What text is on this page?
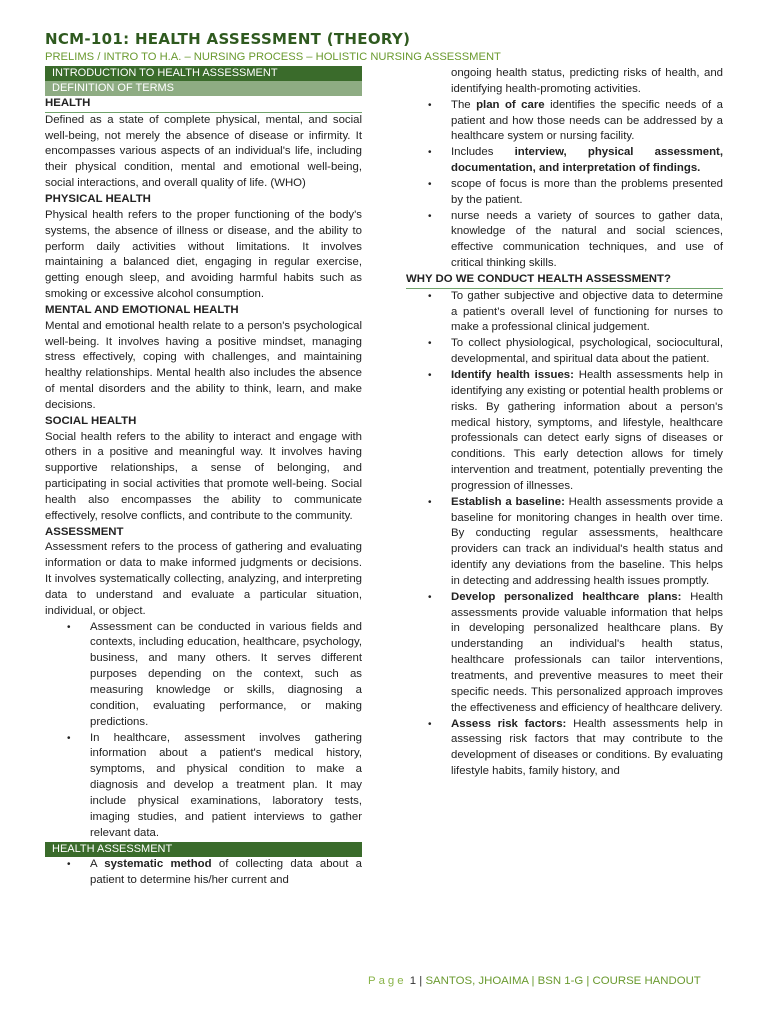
NCM-101: HEALTH ASSESSMENT (THEORY)
PRELIMS / INTRO TO H.A. – NURSING PROCESS – HOLISTIC NURSING ASSESSMENT
INTRODUCTION TO HEALTH ASSESSMENT
DEFINITION OF TERMS
HEALTH

Defined as a state of complete physical, mental, and social well-being, not merely the absence of disease or infirmity. It encompasses various aspects of an individual's life, including their physical condition, mental and emotional well-being, social interactions, and overall quality of life. (WHO)

PHYSICAL HEALTH

Physical health refers to the proper functioning of the body's systems, the absence of illness or disease, and the ability to perform daily activities without limitations. It involves maintaining a balanced diet, engaging in regular exercise, getting enough sleep, and avoiding harmful habits such as smoking or excessive alcohol consumption.

MENTAL AND EMOTIONAL HEALTH

Mental and emotional health relate to a person's psychological well-being. It involves having a positive mindset, managing stress effectively, coping with challenges, and maintaining healthy relationships. Mental health also includes the absence of mental disorders and the ability to think, learn, and make decisions.

SOCIAL HEALTH

Social health refers to the ability to interact and engage with others in a positive and meaningful way. It involves having supportive relationships, a sense of belonging, and participating in social activities that promote well-being. Social health also encompasses the ability to communicate effectively, resolve conflicts, and contribute to the community.

ASSESSMENT

Assessment refers to the process of gathering and evaluating information or data to make informed judgments or decisions. It involves systematically collecting, analyzing, and interpreting data to understand and evaluate a particular situation, individual, or object.

• Assessment can be conducted in various fields and contexts, including education, healthcare, psychology, business, and many others. It serves different purposes depending on the context, such as measuring knowledge or skills, diagnosing a condition, evaluating performance, or making predictions.
• In healthcare, assessment involves gathering information about a patient's medical history, symptoms, and physical condition to make a diagnosis and develop a treatment plan. It may include physical examinations, laboratory tests, imaging studies, and patient interviews to gather relevant data.
HEALTH ASSESSMENT
• A systematic method of collecting data about a patient to determine his/her current and
ongoing health status, predicting risks of health, and identifying health-promoting activities.
• The plan of care identifies the specific needs of a patient and how those needs can be addressed by a healthcare system or nursing facility.
• Includes interview, physical assessment, documentation, and interpretation of findings.
• scope of focus is more than the problems presented by the patient.
• nurse needs a variety of sources to gather data, knowledge of the natural and social sciences, effective communication techniques, and use of critical thinking skills.
WHY DO WE CONDUCT HEALTH ASSESSMENT?
• To gather subjective and objective data to determine a patient’s overall level of functioning for nurses to make a professional clinical judgement.
• To collect physiological, psychological, sociocultural, developmental, and spiritual data about the patient.
• Identify health issues: Health assessments help in identifying any existing or potential health problems or risks. By gathering information about a person's medical history, symptoms, and lifestyle, healthcare professionals can detect early signs of diseases or conditions. This early detection allows for timely intervention and treatment, potentially preventing the progression of illnesses.
• Establish a baseline: Health assessments provide a baseline for monitoring changes in health over time. By conducting regular assessments, healthcare providers can track an individual's health status and identify any deviations from the baseline. This helps in detecting and addressing health issues promptly.
• Develop personalized healthcare plans: Health assessments provide valuable information that helps in developing personalized healthcare plans. By understanding an individual's health status, healthcare professionals can tailor interventions, treatments, and preventive measures to meet their specific needs. This personalized approach improves the effectiveness and efficiency of healthcare delivery.
• Assess risk factors: Health assessments help in assessing risk factors that may contribute to the development of diseases or conditions. By evaluating lifestyle habits, family history, and
Page 1 | SANTOS, JHOAIMA | BSN 1-G | COURSE HANDOUT
